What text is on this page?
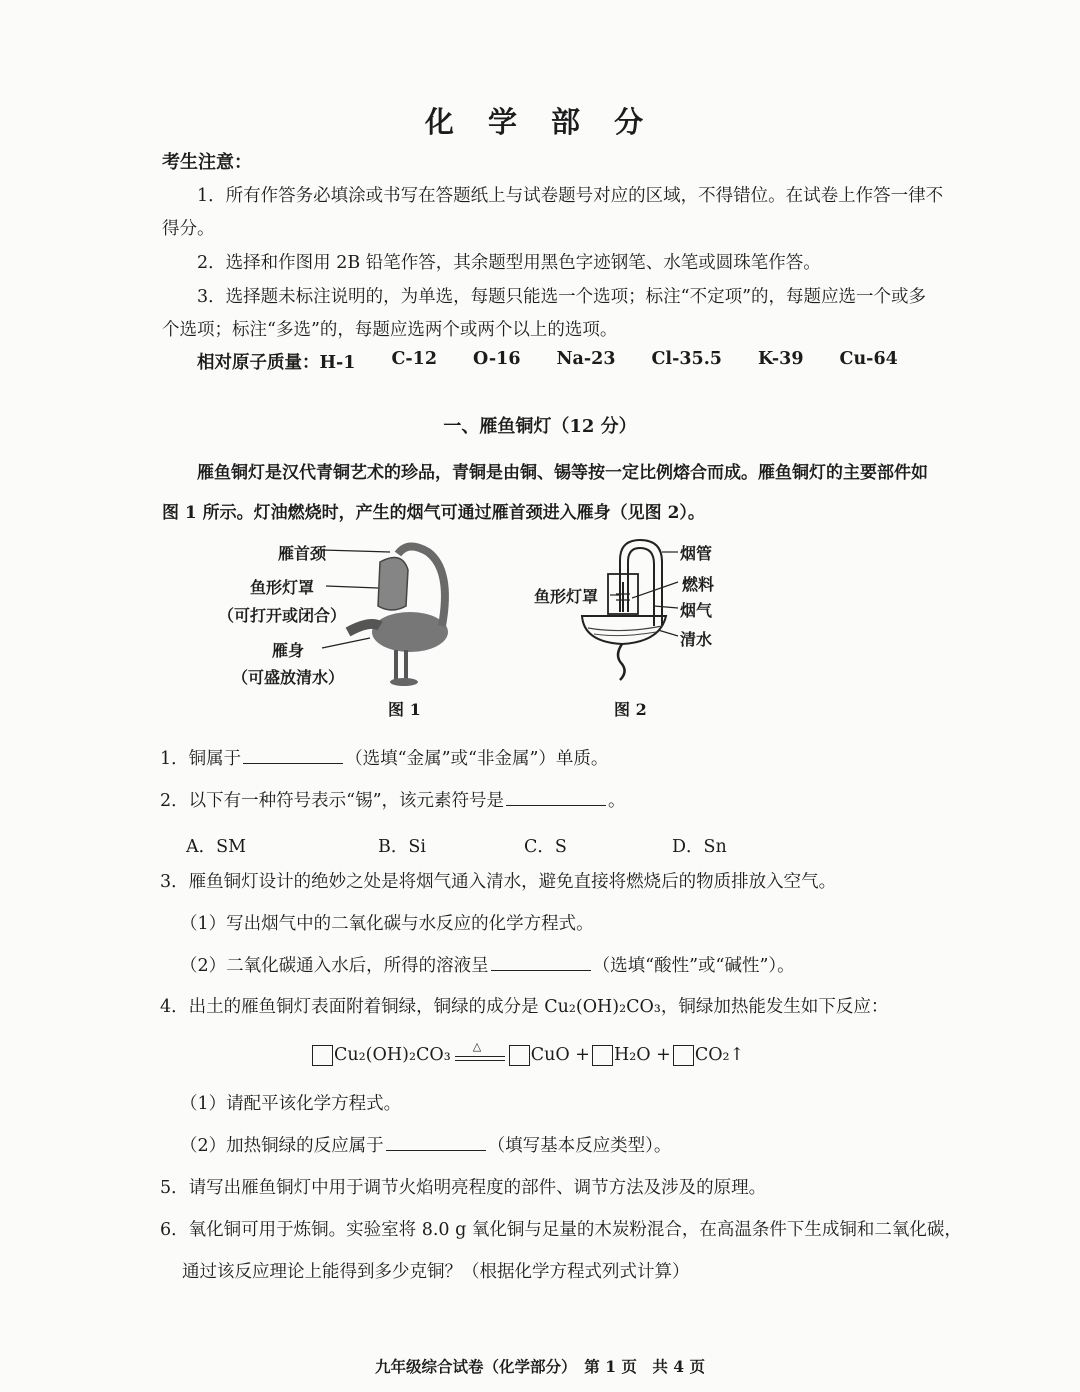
化 学 部 分
考生注意：
1．所有作答务必填涂或书写在答题纸上与试卷题号对应的区域，不得错位。在试卷上作答一律不
得分。
2．选择和作图用 2B 铅笔作答，其余题型用黑色字迹钢笔、水笔或圆珠笔作答。
3．选择题未标注说明的，为单选，每题只能选一个选项；标注“不定项”的，每题应选一个或多
个选项；标注“多选”的，每题应选两个或两个以上的选项。
相对原子质量：H-1 C-12 O-16 Na-23 Cl-35.5 K-39 Cu-64
一、雁鱼铜灯（12 分）
雁鱼铜灯是汉代青铜艺术的珍品，青铜是由铜、锡等按一定比例熔合而成。雁鱼铜灯的主要部件如
图 1 所示。灯油燃烧时，产生的烟气可通过雁首颈进入雁身（见图 2）。
雁首颈
鱼形灯罩
（可打开或闭合）
雁身
（可盛放清水）
图 1
鱼形灯罩
烟管
燃料
烟气
清水
图 2
1．铜属于	（选填“金属”或“非金属”）单质。
2．以下有一种符号表示“锡”，该元素符号是	。
A．SM	B．Si	C．S	D．Sn
3．雁鱼铜灯设计的绝妙之处是将烟气通入清水，避免直接将燃烧后的物质排放入空气。
（1）写出烟气中的二氧化碳与水反应的化学方程式。
（2）二氧化碳通入水后，所得的溶液呈	（选填“酸性”或“碱性”）。
4．出土的雁鱼铜灯表面附着铜绿，铜绿的成分是 Cu₂(OH)₂CO₃，铜绿加热能发生如下反应：
Cu₂(OH)₂CO₃ △	CuO + H₂O + CO₂↑
（1）请配平该化学方程式。
（2）加热铜绿的反应属于	（填写基本反应类型）。
5．请写出雁鱼铜灯中用于调节火焰明亮程度的部件、调节方法及涉及的原理。
6．氧化铜可用于炼铜。实验室将 8.0 g 氧化铜与足量的木炭粉混合，在高温条件下生成铜和二氧化碳，
通过该反应理论上能得到多少克铜？（根据化学方程式列式计算）
九年级综合试卷（化学部分）　第 1 页　共 4 页
